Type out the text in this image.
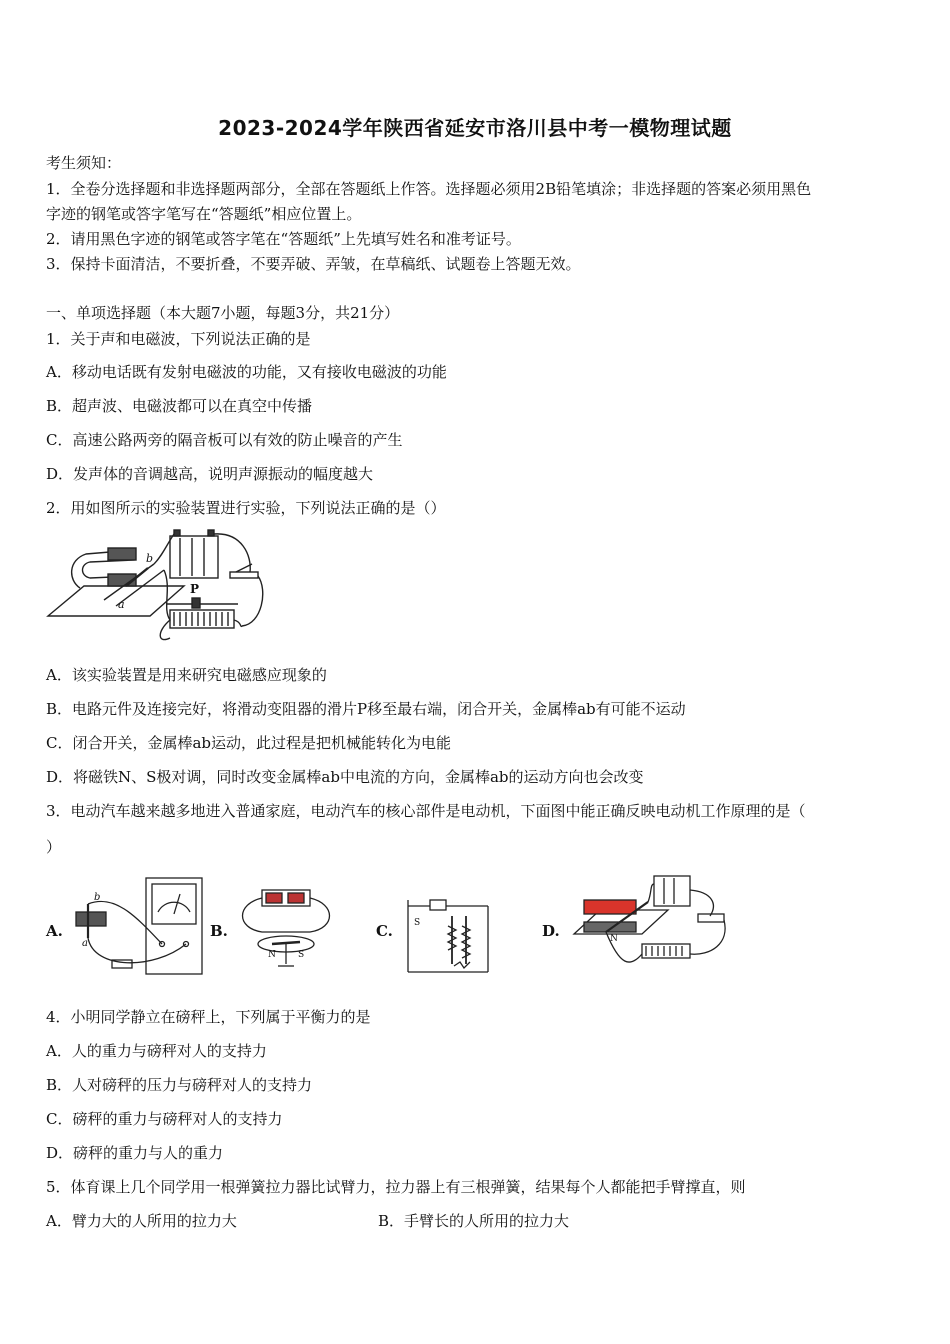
2023-2024学年陕西省延安市洛川县中考一模物理试题
考生须知：
1．全卷分选择题和非选择题两部分，全部在答题纸上作答。选择题必须用2B铅笔填涂；非选择题的答案必须用黑色
字迹的钢笔或答字笔写在“答题纸”相应位置上。
2．请用黑色字迹的钢笔或答字笔在“答题纸”上先填写姓名和准考证号。
3．保持卡面清洁，不要折叠，不要弄破、弄皱，在草稿纸、试题卷上答题无效。
一、单项选择题（本大题7小题，每题3分，共21分）
1．关于声和电磁波，下列说法正确的是
A．移动电话既有发射电磁波的功能，又有接收电磁波的功能
B．超声波、电磁波都可以在真空中传播
C．高速公路两旁的隔音板可以有效的防止噪音的产生
D．发声体的音调越高，说明声源振动的幅度越大
2．用如图所示的实验装置进行实验，下列说法正确的是（）
b
a
P
A．该实验装置是用来研究电磁感应现象的
B．电路元件及连接完好，将滑动变阻器的滑片P移至最右端，闭合开关，金属棒ab有可能不运动
C．闭合开关，金属棒ab运动，此过程是把机械能转化为电能
D．将磁铁N、S极对调，同时改变金属棒ab中电流的方向，金属棒ab的运动方向也会改变
3．电动汽车越来越多地进入普通家庭，电动汽车的核心部件是电动机，下面图中能正确反映电动机工作原理的是（
）
A.
b
a
B.
N S
C. S	D.	N
4．小明同学静立在磅秤上，下列属于平衡力的是
A．人的重力与磅秤对人的支持力
B．人对磅秤的压力与磅秤对人的支持力
C．磅秤的重力与磅秤对人的支持力
D．磅秤的重力与人的重力
5．体育课上几个同学用一根弹簧拉力器比试臂力，拉力器上有三根弹簧，结果每个人都能把手臂撑直，则
A．臂力大的人所用的拉力大	B．手臂长的人所用的拉力大
